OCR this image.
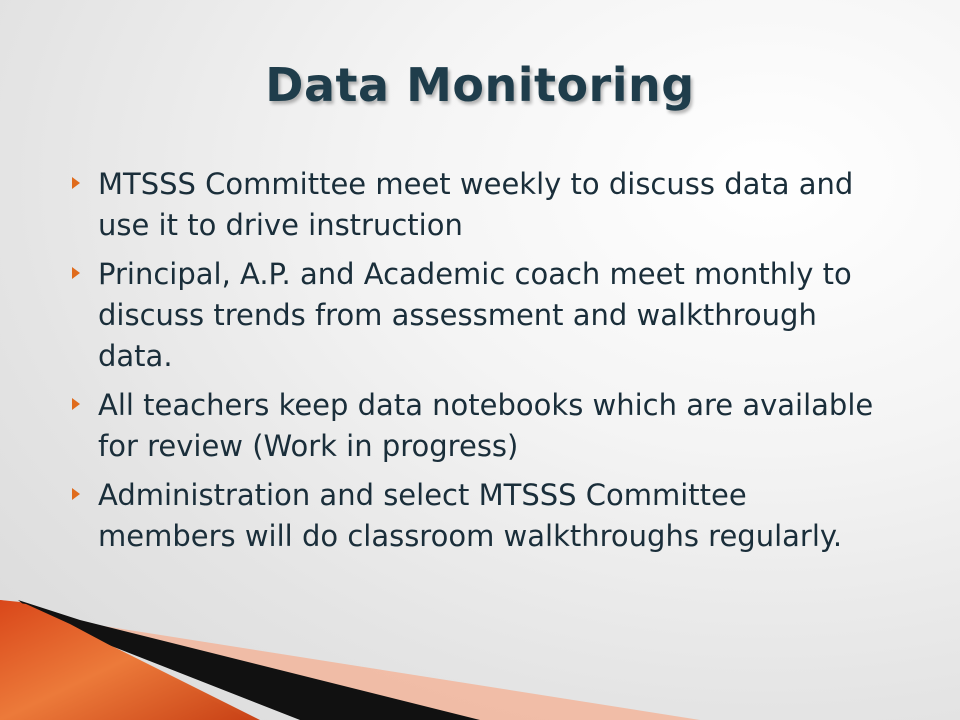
Data Monitoring
MTSSS Committee meet weekly to discuss data and use it to drive instruction
Principal, A.P. and Academic coach meet monthly to discuss trends from assessment and walkthrough data.
All teachers keep data notebooks which are available for review (Work in progress)
Administration and select MTSSS Committee members will do classroom walkthroughs regularly.
